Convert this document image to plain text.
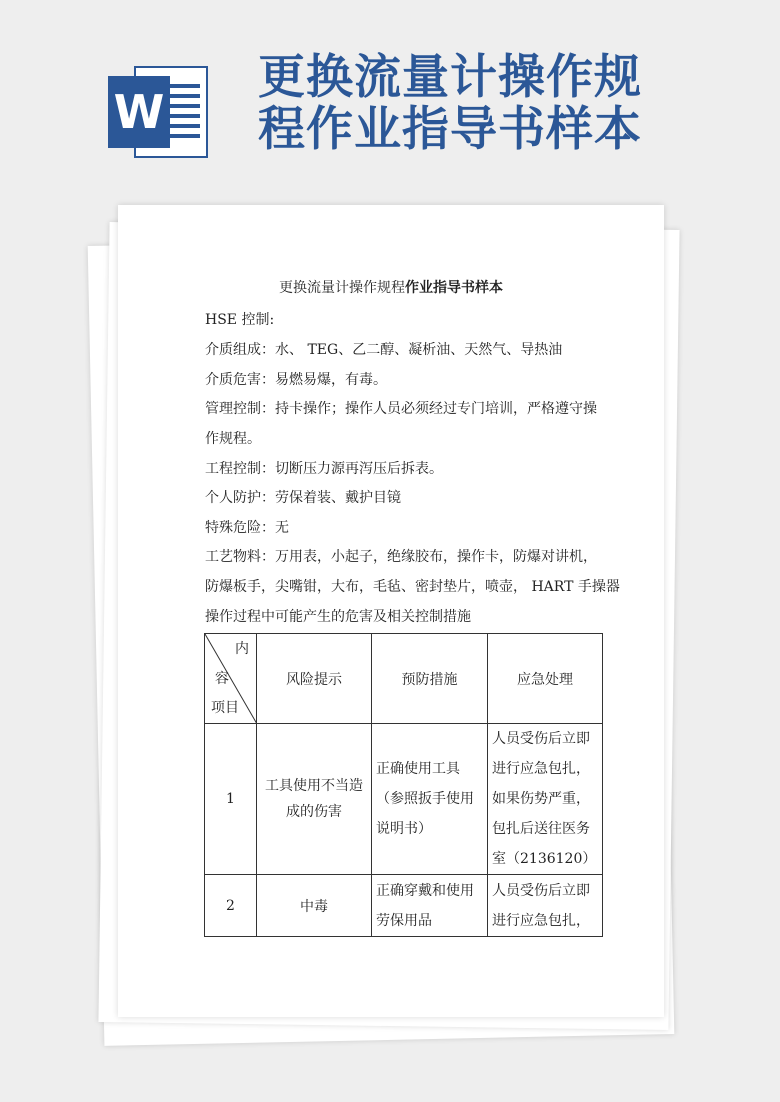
W
更换流量计操作规
程作业指导书样本
更换流量计操作规程作业指导书样本
HSE 控制:
介质组成：水、 TEG、乙二醇、凝析油、天然气、导热油
介质危害：易燃易爆，有毒。
管理控制：持卡操作；操作人员必须经过专门培训，严格遵守操
作规程。
工程控制：切断压力源再泻压后拆表。
个人防护：劳保着装、戴护目镜
特殊危险：无
工艺物料：万用表，小起子，绝缘胶布，操作卡，防爆对讲机，
防爆板手，尖嘴钳，大布，毛毡、密封垫片，喷壶， HART 手操器
操作过程中可能产生的危害及相关控制措施
内
容
项目	风险提示	预防措施	应急处理
1	工具使用不当造成的伤害	正确使用工具（参照扳手使用说明书）	人员受伤后立即进行应急包扎，如果伤势严重，包扎后送往医务室（2136120）
2	中毒	正确穿戴和使用劳保用品	人员受伤后立即进行应急包扎，
